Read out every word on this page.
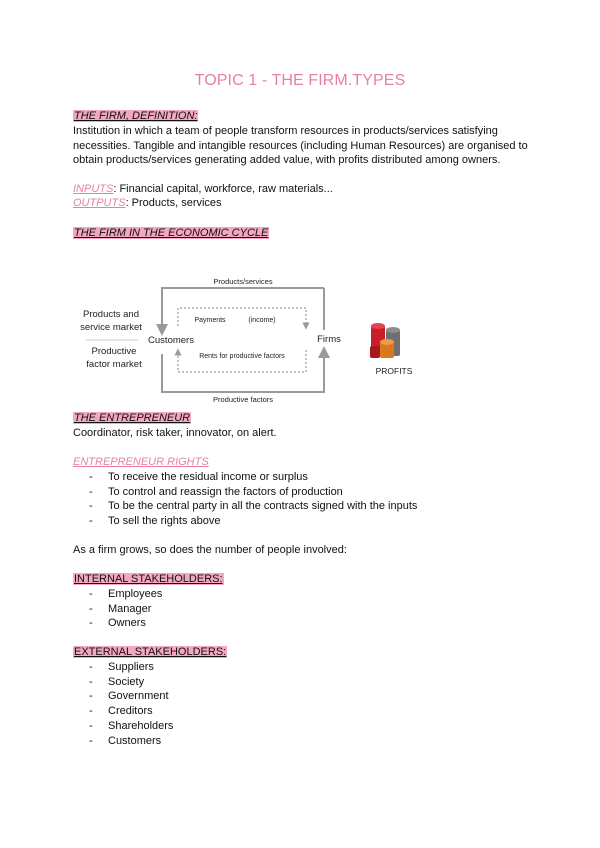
TOPIC 1 - THE FIRM.TYPES
THE FIRM, DEFINITION:
Institution in which a team of people transform resources in products/services satisfying necessities. Tangible and intangible resources (including Human Resources) are organised to obtain products/services generating added value, with profits distributed among owners.
INPUTS: Financial capital, workforce, raw materials...
OUTPUTS: Products, services
THE FIRM IN THE ECONOMIC CYCLE
Products/services
Payments	(income)
Rents for productive factors
Productive factors
Customers	Firms
Products and
service market
Productive
factor market
PROFITS
THE ENTREPRENEUR
Coordinator, risk taker, innovator, on alert.
ENTREPRENEUR RIGHTS
- To receive the residual income or surplus
- To control and reassign the factors of production
- To be the central party in all the contracts signed with the inputs
- To sell the rights above
As a firm grows, so does the number of people involved:
INTERNAL STAKEHOLDERS:
- Employees
- Manager
- Owners
EXTERNAL STAKEHOLDERS:
- Suppliers
- Society
- Government
- Creditors
- Shareholders
- Customers
